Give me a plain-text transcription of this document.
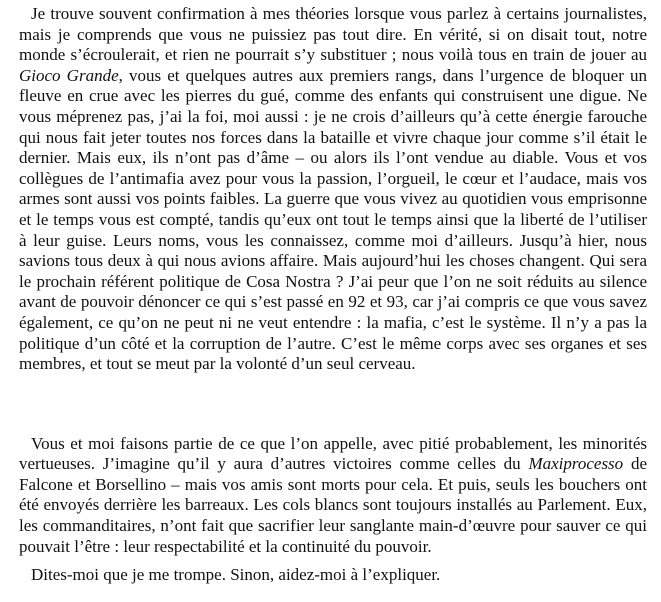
Je trouve souvent confirmation à mes théories lorsque vous parlez à certains journalistes, mais je comprends que vous ne puissiez pas tout dire. En vérité, si on disait tout, notre monde s’écroulerait, et rien ne pourrait s’y substituer ; nous voilà tous en train de jouer au Gioco Grande, vous et quelques autres aux premiers rangs, dans l’urgence de bloquer un fleuve en crue avec les pierres du gué, comme des enfants qui construisent une digue. Ne vous méprenez pas, j’ai la foi, moi aussi : je ne crois d’ailleurs qu’à cette énergie farouche qui nous fait jeter toutes nos forces dans la bataille et vivre chaque jour comme s’il était le dernier. Mais eux, ils n’ont pas d’âme – ou alors ils l’ont vendue au diable. Vous et vos collègues de l’antimafia avez pour vous la passion, l’orgueil, le cœur et l’audace, mais vos armes sont aussi vos points faibles. La guerre que vous vivez au quotidien vous emprisonne et le temps vous est compté, tandis qu’eux ont tout le temps ainsi que la liberté de l’utiliser à leur guise. Leurs noms, vous les connaissez, comme moi d’ailleurs. Jusqu’à hier, nous savions tous deux à qui nous avions affaire. Mais aujourd’hui les choses changent. Qui sera le prochain référent politique de Cosa Nostra ? J’ai peur que l’on ne soit réduits au silence avant de pouvoir dénoncer ce qui s’est passé en 92 et 93, car j’ai compris ce que vous savez également, ce qu’on ne peut ni ne veut entendre : la mafia, c’est le système. Il n’y a pas la politique d’un côté et la corruption de l’autre. C’est le même corps avec ses organes et ses membres, et tout se meut par la volonté d’un seul cerveau.

Vous et moi faisons partie de ce que l’on appelle, avec pitié probablement, les minorités vertueuses. J’imagine qu’il y aura d’autres victoires comme celles du Maxiprocesso de Falcone et Borsellino – mais vos amis sont morts pour cela. Et puis, seuls les bouchers ont été envoyés derrière les barreaux. Les cols blancs sont toujours installés au Parlement. Eux, les commanditaires, n’ont fait que sacrifier leur sanglante main-d’œuvre pour sauver ce qui pouvait l’être : leur respectabilité et la continuité du pouvoir.

Dites-moi que je me trompe. Sinon, aidez-moi à l’expliquer.
